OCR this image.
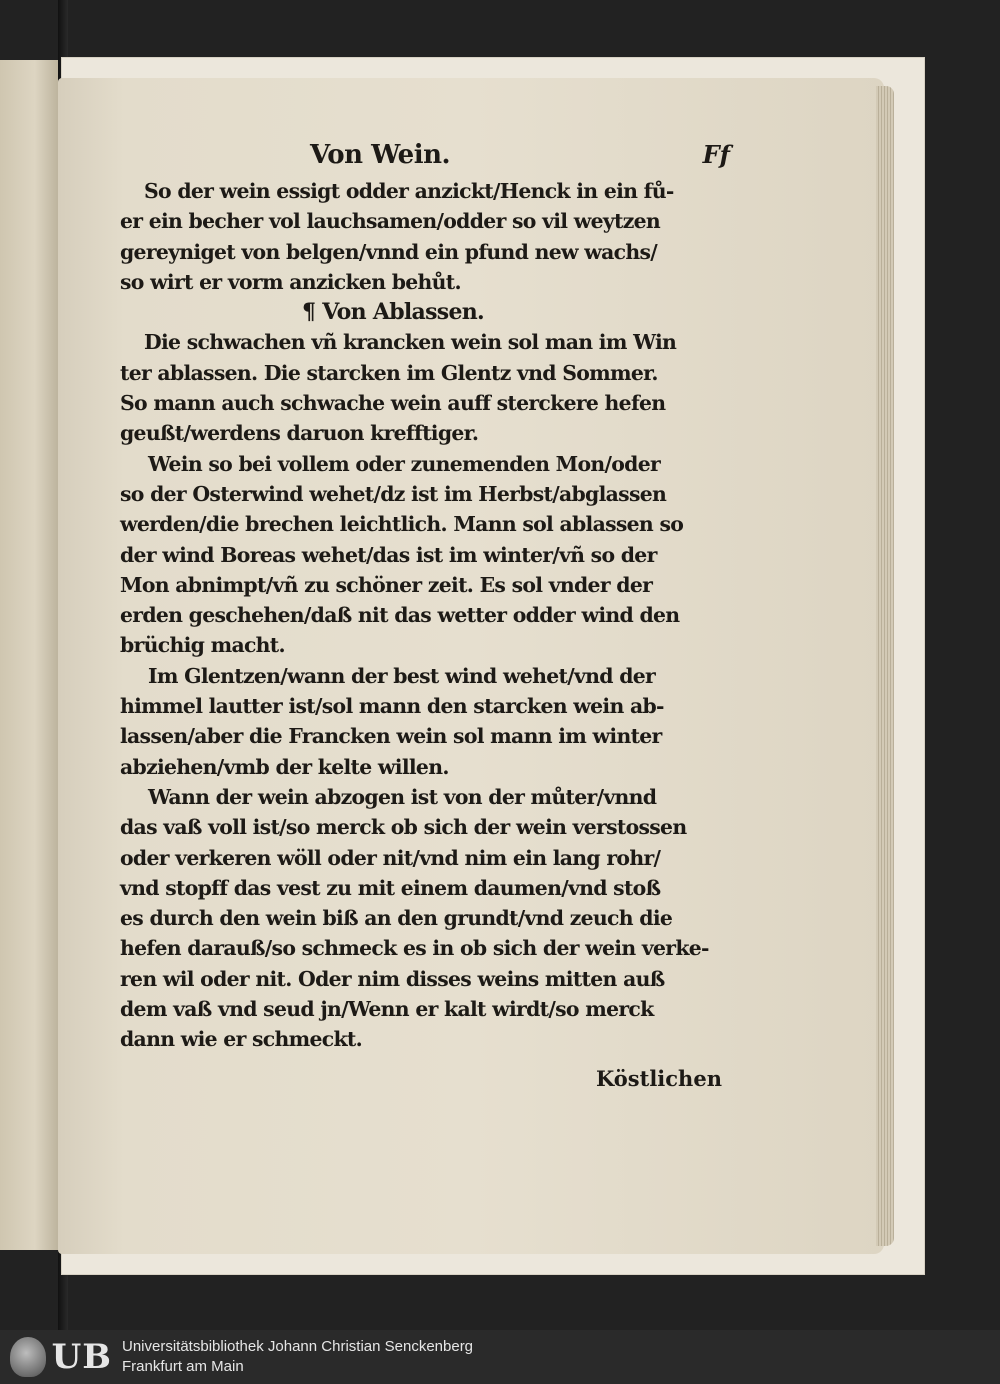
Von Wein.	Ff
So der wein essigt odder anzickt/Henck in ein fů-
er ein becher vol lauchsamen/odder so vil weytzen
gereyniget von belgen/vnnd ein pfund new wachs/
so wirt er vorm anzicken behůt.
¶ Von Ablassen.
Die schwachen vñ krancken wein sol man im Win
ter ablassen. Die starcken im Glentz vnd Sommer.
So mann auch schwache wein auff sterckere hefen
geußt/werdens daruon krefftiger.
Wein so bei vollem oder zunemenden Mon/oder
so der Osterwind wehet/dz ist im Herbst/abglassen
werden/die brechen leichtlich. Mann sol ablassen so
der wind Boreas wehet/das ist im winter/vñ so der
Mon abnimpt/vñ zu schöner zeit. Es sol vnder der
erden geschehen/daß nit das wetter odder wind den
brüchig macht.
Im Glentzen/wann der best wind wehet/vnd der
himmel lautter ist/sol mann den starcken wein ab-
lassen/aber die Francken wein sol mann im winter
abziehen/vmb der kelte willen.
Wann der wein abzogen ist von der můter/vnnd
das vaß voll ist/so merck ob sich der wein verstossen
oder verkeren wöll oder nit/vnd nim ein lang rohr/
vnd stopff das vest zu mit einem daumen/vnd stoß
es durch den wein biß an den grundt/vnd zeuch die
hefen darauß/so schmeck es in ob sich der wein verke-
ren wil oder nit. Oder nim disses weins mitten auß
dem vaß vnd seud jn/Wenn er kalt wirdt/so merck
dann wie er schmeckt.
Köstlichen
UB Universitätsbibliothek Johann Christian Senckenberg
Frankfurt am Main
